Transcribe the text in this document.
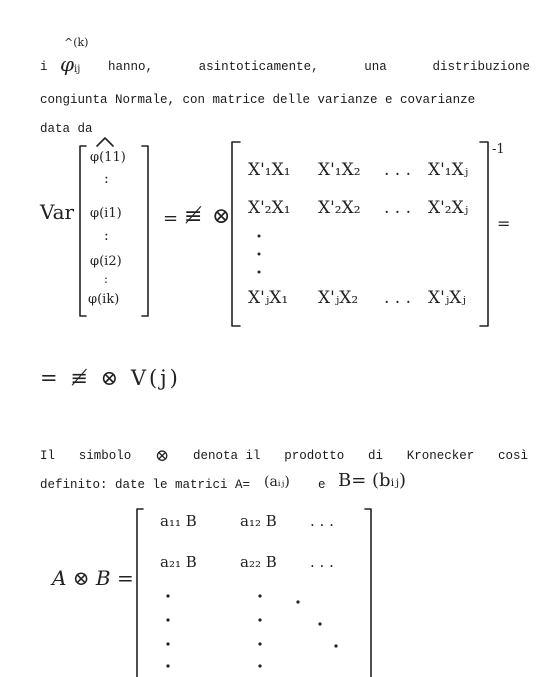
i φ
^(k)
ij hanno,	asintoticamente,	una	distribuzione
congiunta Normale, con matrice delle varianze e covarianze
data da
Var
φ(11)
:
φ(i1)
:
φ(i2)
:
φ(ik)
= ≢ ⊗
-1
X'₁X₁ X'₁X₂ . . . X'₁Xⱼ
X'₂X₁ X'₂X₂ . . . X'₂Xⱼ
X'ⱼX₁ X'ⱼX₂ . . . X'ⱼXⱼ
=
= ≢ ⊗ V(j)
Il simbolo ⊗ denota il prodotto di Kronecker così
definito: date le matrici A= (aᵢⱼ) e B= (bᵢⱼ)
A ⊗ B =
a₁₁ B	a₁₂ B . . .
a₂₁ B	a₂₂ B . . .
